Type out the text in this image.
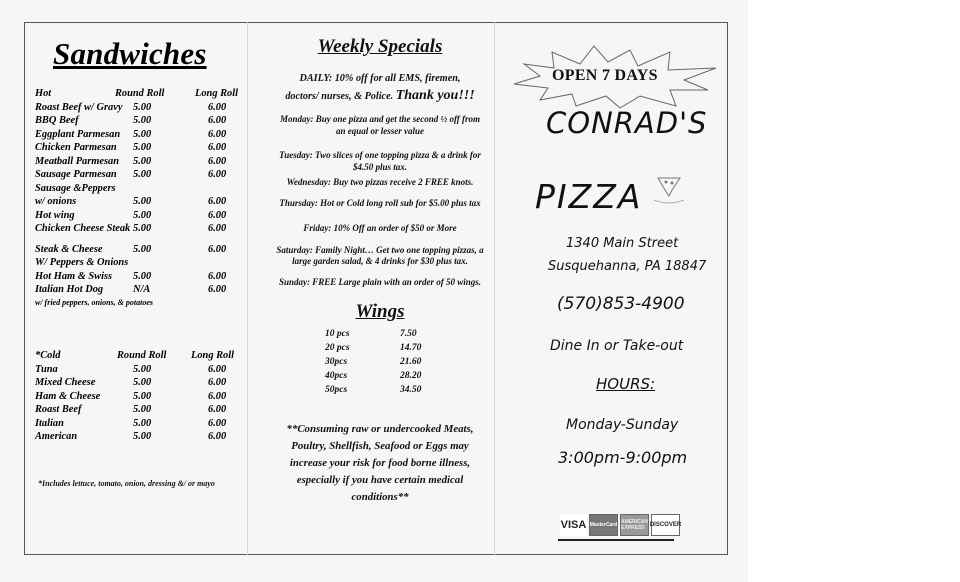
Sandwiches
Hot	Round Roll	Long Roll
Roast Beef w/ Gravy 5.00	6.00
BBQ Beef	5.00	6.00
Eggplant Parmesan 5.00	6.00
Chicken Parmesan 5.00	6.00
Meatball Parmesan 5.00	6.00
Sausage Parmesan 5.00	6.00
Sausage &Peppers
w/ onions	5.00	6.00
Hot wing	5.00	6.00
Chicken Cheese Steak 5.00	6.00
Steak & Cheese	5.00	6.00
W/ Peppers & Onions
Hot Ham & Swiss 5.00	6.00
Italian Hot Dog	N/A	6.00
w/ fried peppers, onions, & potatoes
*Cold	Round Roll Long Roll
Tuna	5.00	6.00
Mixed Cheese	5.00	6.00
Ham & Cheese	5.00	6.00
Roast Beef	5.00	6.00
Italian	5.00	6.00
American	5.00	6.00
*Includes lettuce, tomato, onion, dressing &/ or mayo
Weekly Specials
DAILY: 10% off for all EMS, firemen,
doctors/ nurses, & Police. Thank you!!!
Monday: Buy one pizza and get the second ½ off from an equal or lesser value
Tuesday: Two slices of one topping pizza & a drink for $4.50 plus tax.
Wednesday: Buy two pizzas receive 2 FREE knots.
Thursday: Hot or Cold long roll sub for $5.00 plus tax
Friday: 10% Off an order of $50 or More
Saturday: Family Night… Get two one topping pizzas, a large garden salad, & 4 drinks for $30 plus tax.
Sunday: FREE Large plain with an order of 50 wings.
Wings
10 pcs	7.50
20 pcs	14.70
30pcs	21.60
40pcs	28.20
50pcs	34.50
**Consuming raw or undercooked Meats, Poultry, Shellfish, Seafood or Eggs may increase your risk for food borne illness, especially if you have certain medical conditions**
OPEN 7 DAYS
CONRAD'S
PIZZA
1340 Main Street
Susquehanna, PA 18847
(570)853-4900
Dine In or Take-out
HOURS:
Monday-Sunday
3:00pm-9:00pm
VISA MasterCard AMERICAN EXPRESS DISCOVER
